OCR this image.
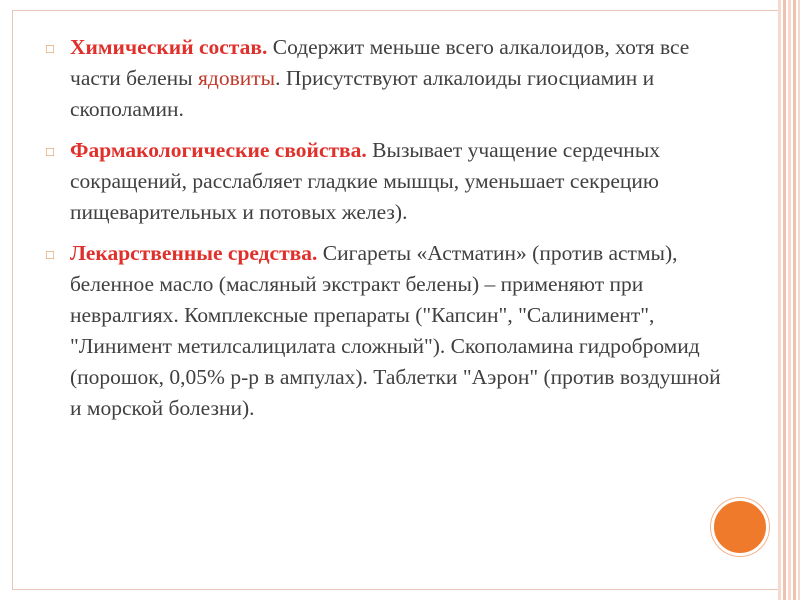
□ Химический состав. Содержит меньше всего алкалоидов, хотя все части белены ядовиты. Присутствуют алкалоиды гиосциамин и скополамин.
□ Фармакологические свойства. Вызывает учащение сердечных сокращений, расслабляет гладкие мышцы, уменьшает секрецию пищеварительных и потовых желез).
□ Лекарственные средства. Сигареты «Астматин» (против астмы), беленное масло (масляный экстракт белены) – применяют при невралгиях. Комплексные препараты ("Капсин", "Салинимент", "Линимент метилсалицилата сложный"). Скополамина гидробромид (порошок, 0,05% р-р в ампулах). Таблетки "Аэрон" (против воздушной и морской болезни).
